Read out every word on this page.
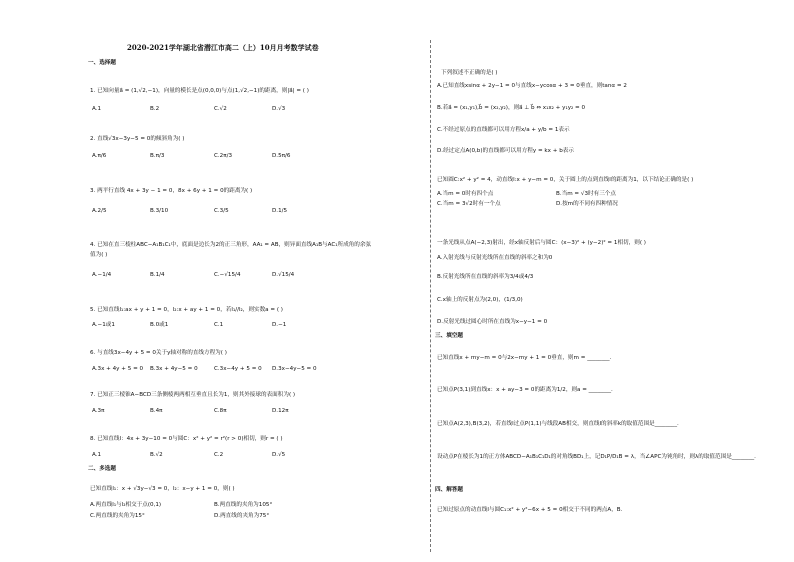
2020-2021学年湖北省潜江市高二（上）10月月考数学试卷
一、选择题
1. 已知向量a⃗ = (1,√2,−1)，向量的模长是点(0,0,0)与点(1,√2,−1)的距离，则|a⃗| = ( )
A.1	B.2	C.√2	D.√3
2. 直线√3x−3y−5 = 0的倾斜角为( )
A.π/6	B.π/3	C.2π/3	D.5π/6
3. 两平行直线 4x + 3y − 1 = 0，8x + 6y + 1 = 0的距离为( )
A.2/5	B.3/10	C.3/5	D.1/5
4. 已知在直三棱柱ABC−A₁B₁C₁中，底面是边长为2的正三角形，AA₁ = AB，则异面直线A₁B与AC₁所成角的余弦
值为( )
A.−1/4	B.1/4	C.−√15/4	D.√15/4
5. 已知直线l₁:ax + y + 1 = 0，l₂:x + ay + 1 = 0，若l₁//l₂，则实数a = ( )
A.−1或1	B.0或1	C.1	D.−1
6. 与直线3x−4y + 5 = 0关于y轴对称的直线方程为( )
A.3x + 4y + 5 = 0 B.3x + 4y−5 = 0	C.3x−4y + 5 = 0 D.3x−4y−5 = 0
7. 已知正三棱锥A−BCD三条侧棱两两相互垂直且长为1，则其外接球的表面积为( )
A.3π	B.4π	C.8π	D.12π
8. 已知直线l：4x + 3y−10 = 0与圆C：x² + y² = r²(r > 0)相切，则r = ( )
A.1	B.√2	C.2	D.√5
二、多选题
已知直线l₁：x + √3y−√3 = 0，l₂：x−y + 1 = 0，则( )
A.两直线l₁与l₂相交于点(0,1)	B.两直线的夹角为105°
C.两直线的夹角为15°	D.两直线的夹角为75°
下列叙述不正确的是( )
A.已知直线xsinα + 2y−1 = 0与直线x−ycosα + 3 = 0垂直，则tanα = 2
B.若a⃗ = (x₁,y₁),b⃗ = (x₂,y₂)，则a⃗ ⊥ b⃗ ⇔ x₁x₂ + y₁y₂ = 0
C.不经过原点的直线都可以用方程x/a + y/b = 1表示
D.经过定点A(0,b)的直线都可以用方程y = kx + b表示
已知圆C:x² + y² = 4，动直线l:x + y−m = 0，关于圆上的点到直线l的距离为1，以下结论正确的是( )
A.当m = 0时有四个点	B.当m = √3时有三个点
C.当m = 3√2时有一个点	D.按m的不同有四种情况
一条光线从点A(−2,3)射出，经x轴反射后与圆C：(x−3)² + (y−2)² = 1相切，则( )
A.入射光线与反射光线所在直线的斜率之和为0
B.反射光线所在直线的斜率为3/4或4/3
C.x轴上的反射点为(2,0)，(1/3,0)
D.反射光线过圆心时所在直线为x−y−1 = 0
三、填空题
已知直线x + my−m = 0与2x−my + 1 = 0垂直，则m = ________.
已知点P(3,1)到直线x：x + ay−3 = 0的距离为1/2，则a = ________.
已知点A(2,3),B(3,2)，若直线l过点P(1,1)与线段AB相交，则直线l的斜率k的取值范围是________.
设动点P在棱长为1的正方体ABCD−A₁B₁C₁D₁的对角线BD₁上，记D₁P/D₁B = λ，当∠APC为钝角时，则λ的取值范围是________.
四、解答题
已知过原点的动直线l与圆C₁:x² + y²−6x + 5 = 0相交于不同的两点A，B.
